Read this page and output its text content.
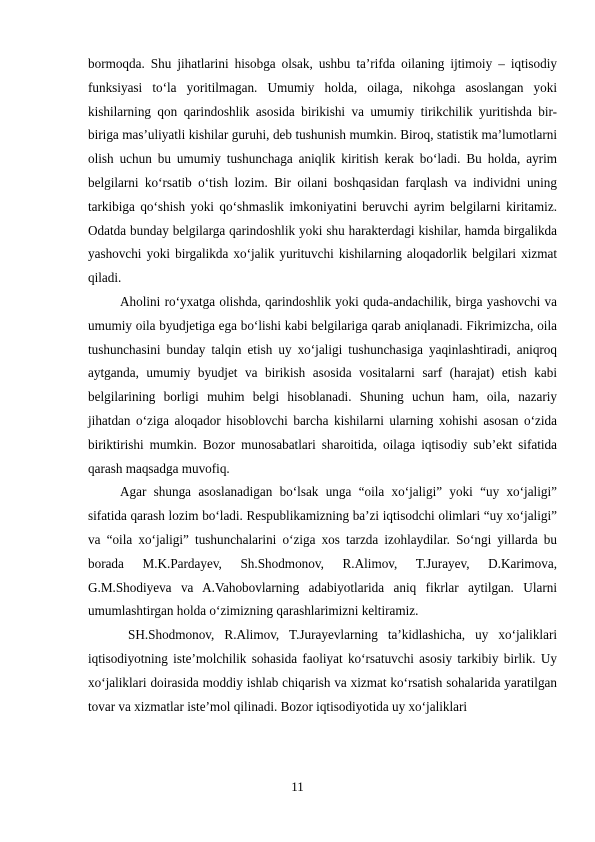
bormoqda. Shu jihatlarini hisobga olsak, ushbu ta’rifda oilaning ijtimoiy – iqtisodiy funksiyasi to‘la yoritilmagan. Umumiy holda, oilaga, nikohga asoslangan yoki kishilarning qon qarindoshlik asosida birikishi va umumiy tirikchilik yuritishda bir-biriga mas’uliyatli kishilar guruhi, deb tushunish mumkin. Biroq, statistik ma’lumotlarni olish uchun bu umumiy tushunchaga aniqlik kiritish kerak bo‘ladi. Bu holda, ayrim belgilarni ko‘rsatib o‘tish lozim. Bir oilani boshqasidan farqlash va individni uning tarkibiga qo‘shish yoki qo‘shmaslik imkoniyatini beruvchi ayrim belgilarni kiritamiz. Odatda bunday belgilarga qarindoshlik yoki shu harakterdagi kishilar, hamda birgalikda yashovchi yoki birgalikda xo‘jalik yurituvchi kishilarning aloqadorlik belgilari xizmat qiladi.

Aholini ro‘yxatga olishda, qarindoshlik yoki quda-andachilik, birga yashovchi va umumiy oila byudjetiga ega bo‘lishi kabi belgilariga qarab aniqlanadi. Fikrimizcha, oila tushunchasini bunday talqin etish uy xo‘jaligi tushunchasiga yaqinlashtiradi, aniqroq aytganda, umumiy byudjet va birikish asosida vositalarni sarf (harajat) etish kabi belgilarining borligi muhim belgi hisoblanadi. Shuning uchun ham, oila, nazariy jihatdan o‘ziga aloqador hisoblovchi barcha kishilarni ularning xohishi asosan o‘zida biriktirishi mumkin. Bozor munosabatlari sharoitida, oilaga iqtisodiy sub’ekt sifatida qarash maqsadga muvofiq.

Agar shunga asoslanadigan bo‘lsak unga “oila xo‘jaligi” yoki “uy xo‘jaligi” sifatida qarash lozim bo‘ladi. Respublikamizning ba’zi iqtisodchi olimlari “uy xo‘jaligi” va “oila xo‘jaligi” tushunchalarini o‘ziga xos tarzda izohlaydilar. So‘ngi yillarda bu borada M.K.Pardayev, Sh.Shodmonov, R.Alimov, T.Jurayev, D.Karimova, G.M.Shodiyeva va A.Vahobovlarning adabiyotlarida aniq fikrlar aytilgan. Ularni umumlashtirgan holda o‘zimizning qarashlarimizni keltiramiz.

SH.Shodmonov, R.Alimov, T.Jurayevlarning ta’kidlashicha, uy xo‘jaliklari iqtisodiyotning iste’molchilik sohasida faoliyat ko‘rsatuvchi asosiy tarkibiy birlik. Uy xo‘jaliklari doirasida moddiy ishlab chiqarish va xizmat ko‘rsatish sohalarida yaratilgan tovar va xizmatlar iste’mol qilinadi. Bozor iqtisodiyotida uy xo‘jaliklari

11
